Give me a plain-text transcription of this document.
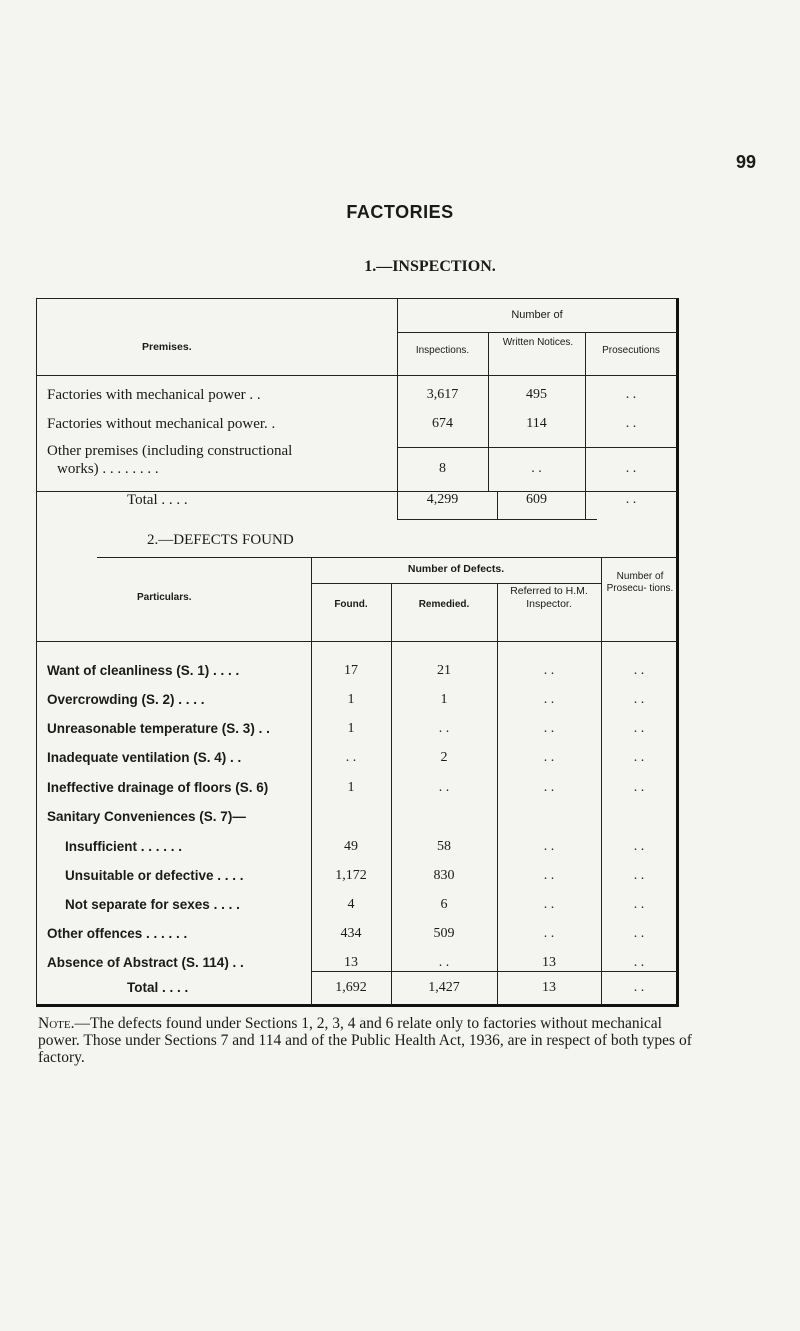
99
FACTORIES
1.—INSPECTION.
Premises.
Number of
Inspections.
Written Notices.
Prosecutions
Factories with mechanical power . .	3,617	495	. .
Factories without mechanical power. .	674	114	. .
Other premises (including constructional
works) . . . . . . . .	8	. .	. .
Total . . . .	4,299	609	. .
2.—DEFECTS FOUND
Particulars.
Number of Defects.
Found.	Remedied.
Referred to H.M. Inspector.
Number of Prosecu- tions.
Want of cleanliness (S. 1) . . . .	17	21	. .	. .
Overcrowding (S. 2) . . . .	1	1	. .	. .
Unreasonable temperature (S. 3) . .	1	. .	. .	. .
Inadequate ventilation (S. 4) . .	. .	2	. .	. .
Ineffective drainage of floors (S. 6)	1	. .	. .	. .
Sanitary Conveniences (S. 7)—
Insufficient . . . . . .	49	58	. .	. .
Unsuitable or defective . . . .	1,172	830	. .	. .
Not separate for sexes . . . .	4	6	. .	. .
Other offences . . . . . .	434	509	. .	. .
Absence of Abstract (S. 114) . .	13	. .	13	. .
Total . . . .	1,692	1,427	13	. .
Note.—The defects found under Sections 1, 2, 3, 4 and 6 relate only to factories without mechanical power. Those under Sections 7 and 114 and of the Public Health Act, 1936, are in respect of both types of factory.
